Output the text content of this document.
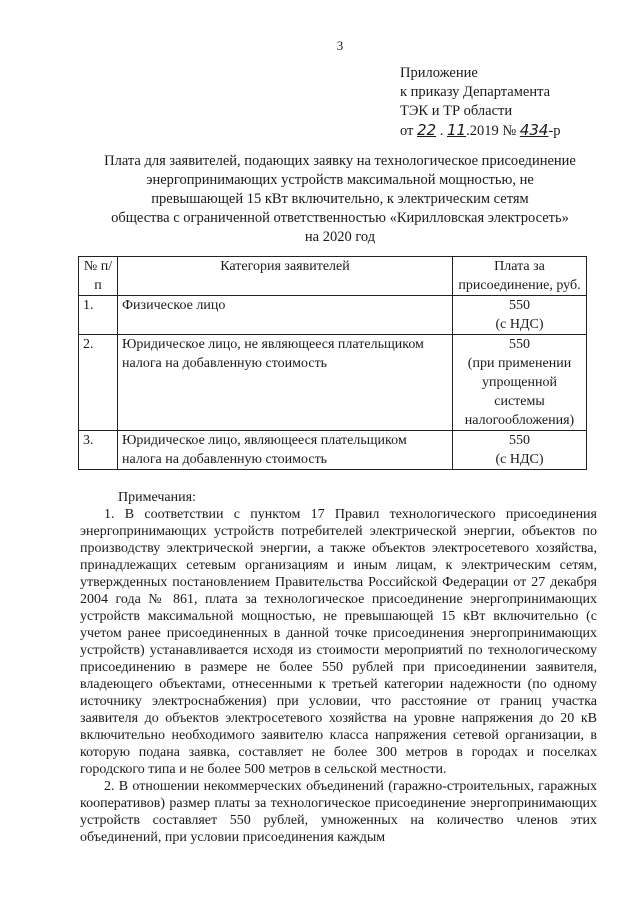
3
Приложение
к приказу Департамента
ТЭК и ТР области
от 22 . 11.2019 № 434-р
Плата для заявителей, подающих заявку на технологическое присоединение
энергопринимающих устройств максимальной мощностью, не
превышающей 15 кВт включительно, к электрическим сетям
общества с ограниченной ответственностью «Кирилловская электросеть»
на 2020 год
№ п/п	Категория заявителей	Плата за присоединение, руб.
1.	Физическое лицо	550
(с НДС)

2.	Юридическое лицо, не являющееся плательщиком налога на добавленную стоимость	550
(при применении упрощенной системы налогообложения)

3.	Юридическое лицо, являющееся плательщиком налога на добавленную стоимость	550
(с НДС)

Примечания:

1. В соответствии с пунктом 17 Правил технологического присоединения энергопринимающих устройств потребителей электрической энергии, объектов по производству электрической энергии, а также объектов электросетевого хозяйства, принадлежащих сетевым организациям и иным лицам, к электрическим сетям, утвержденных постановлением Правительства Российской Федерации от 27 декабря 2004 года № 861, плата за технологическое присоединение энергопринимающих устройств максимальной мощностью, не превышающей 15 кВт включительно (с учетом ранее присоединенных в данной точке присоединения энергопринимающих устройств) устанавливается исходя из стоимости мероприятий по технологическому присоединению в размере не более 550 рублей при присоединении заявителя, владеющего объектами, отнесенными к третьей категории надежности (по одному источнику электроснабжения) при условии, что расстояние от границ участка заявителя до объектов электросетевого хозяйства на уровне напряжения до 20 кВ включительно необходимого заявителю класса напряжения сетевой организации, в которую подана заявка, составляет не более 300 метров в городах и поселках городского типа и не более 500 метров в сельской местности.

2. В отношении некоммерческих объединений (гаражно-строительных, гаражных кооперативов) размер платы за технологическое присоединение энергопринимающих устройств составляет 550 рублей, умноженных на количество членов этих объединений, при условии присоединения каждым
